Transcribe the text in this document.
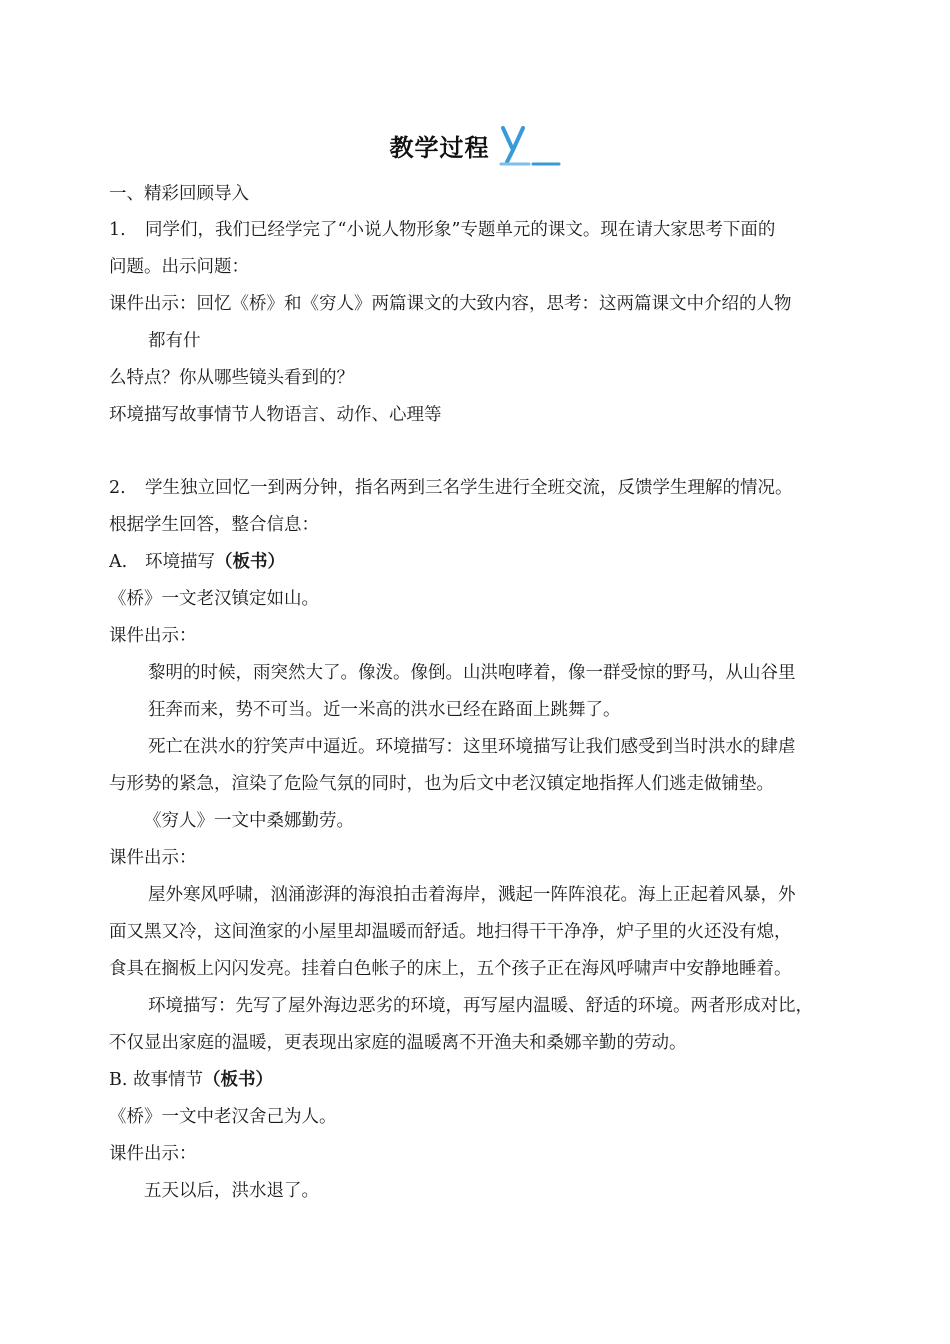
教学过程
一、精彩回顾导入
1. 同学们，我们已经学完了“小说人物形象”专题单元的课文。现在请大家思考下面的
问题。出示问题：
课件出示：回忆《桥》和《穷人》两篇课文的大致内容，思考：这两篇课文中介绍的人物
都有什
么特点？你从哪些镜头看到的？
环境描写故事情节人物语言、动作、心理等
2. 学生独立回忆一到两分钟，指名两到三名学生进行全班交流，反馈学生理解的情况。
根据学生回答，整合信息：
A. 环境描写（板书）
《桥》一文老汉镇定如山。
课件出示：
黎明的时候，雨突然大了。像泼。像倒。山洪咆哮着，像一群受惊的野马，从山谷里
狂奔而来，势不可当。近一米高的洪水已经在路面上跳舞了。
死亡在洪水的狞笑声中逼近。环境描写：这里环境描写让我们感受到当时洪水的肆虐
与形势的紧急，渲染了危险气氛的同时，也为后文中老汉镇定地指挥人们逃走做铺垫。
《穷人》一文中桑娜勤劳。
课件出示：
屋外寒风呼啸，汹涌澎湃的海浪拍击着海岸，溅起一阵阵浪花。海上正起着风暴，外
面又黑又冷，这间渔家的小屋里却温暖而舒适。地扫得干干净净，炉子里的火还没有熄，
食具在搁板上闪闪发亮。挂着白色帐子的床上，五个孩子正在海风呼啸声中安静地睡着。
环境描写：先写了屋外海边恶劣的环境，再写屋内温暖、舒适的环境。两者形成对比，
不仅显出家庭的温暖，更表现出家庭的温暖离不开渔夫和桑娜辛勤的劳动。
B. 故事情节（板书）
《桥》一文中老汉舍己为人。
课件出示：
五天以后，洪水退了。
